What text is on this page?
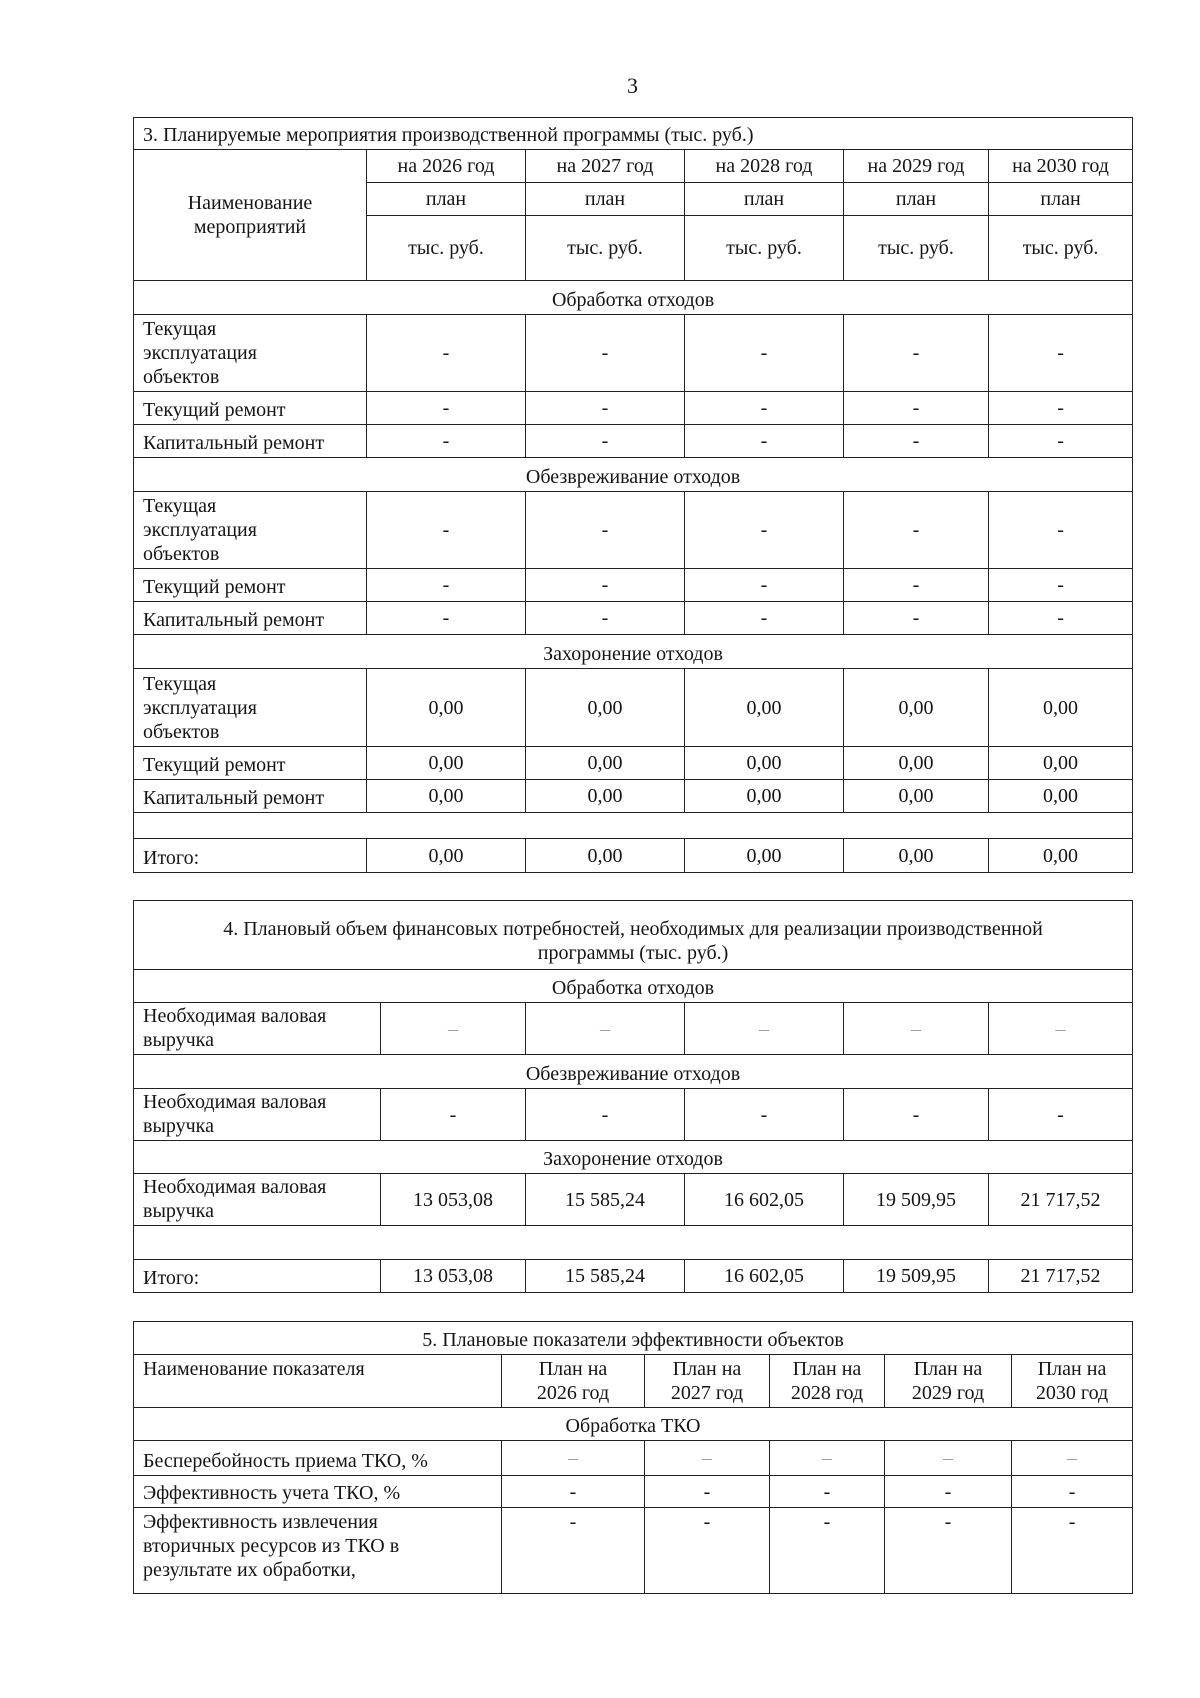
3
3. Планируемые мероприятия производственной программы (тыс. руб.)					
Наименование мероприятий	на 2026 год	на 2027 год	на 2028 год	на 2029 год	на 2030 год
	план	план	план	план	план
	тыс. руб.	тыс. руб.	тыс. руб.	тыс. руб.	тыс. руб.
Обработка отходов					
Текущая эксплуатация объектов	-	-	-	-	-
Текущий ремонт	-	-	-	-	-
Капитальный ремонт	-	-	-	-	-
Обезвреживание отходов					
Текущая эксплуатация объектов	-	-	-	-	-
Текущий ремонт	-	-	-	-	-
Капитальный ремонт	-	-	-	-	-
Захоронение отходов					
Текущая эксплуатация объектов	0,00	0,00	0,00	0,00	0,00
Текущий ремонт	0,00	0,00	0,00	0,00	0,00
Капитальный ремонт	0,00	0,00	0,00	0,00	0,00

Итого:	0,00	0,00	0,00	0,00	0,00
4. Плановый объем финансовых потребностей, необходимых для реализации производственной программы (тыс. руб.)					
Обработка отходов					
Необходимая валовая выручка	–	–	–	–	–
Обезвреживание отходов					
Необходимая валовая выручка	-	-	-	-	-
Захоронение отходов					
Необходимая валовая выручка	13 053,08	15 585,24	16 602,05	19 509,95	21 717,52

Итого:	13 053,08	15 585,24	16 602,05	19 509,95	21 717,52
5. Плановые показатели эффективности объектов					
Наименование показателя	План на 2026 год	План на 2027 год	План на 2028 год	План на 2029 год	План на 2030 год
Обработка ТКО					
Бесперебойность приема ТКО, %	–	–	–	–	–
Эффективность учета ТКО, %	-	-	-	-	-
Эффективность извлечения вторичных ресурсов из ТКО в результате их обработки,	-	-	-	-	-
